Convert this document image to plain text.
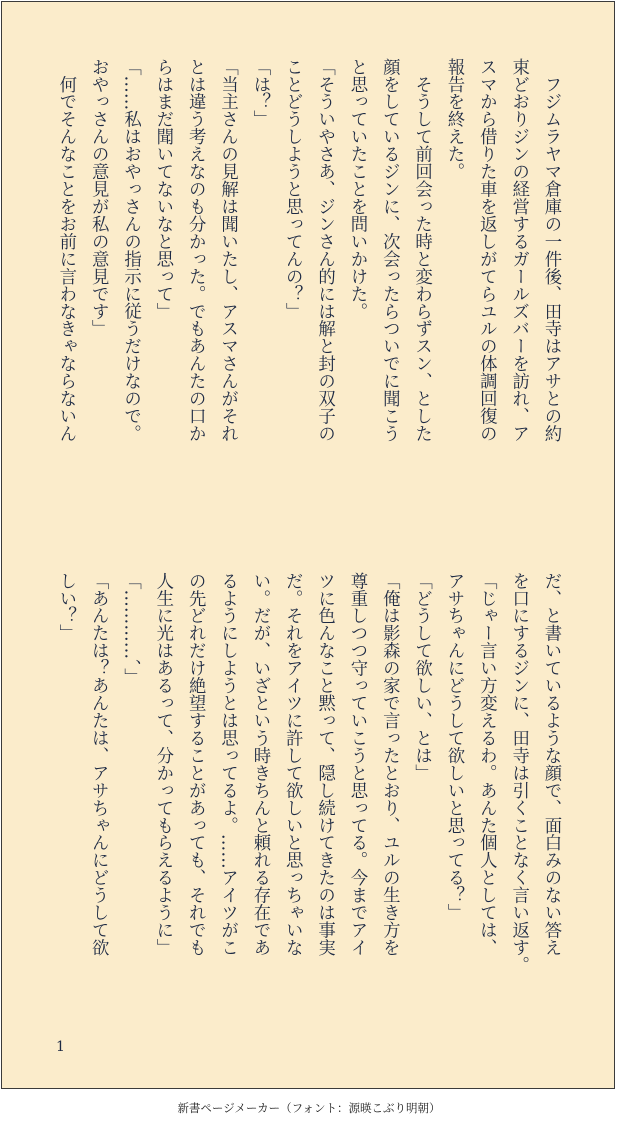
　フジムラヤマ倉庫の一件後、田寺はアサとの約
束どおりジンの経営するガールズバーを訪れ、ア
スマから借りた車を返しがてらユルの体調回復の
報告を終えた。
　そうして前回会った時と変わらずスン、とした
顔をしているジンに、次会ったらついでに聞こう
と思っていたことを問いかけた。
「そういやさあ、ジンさん的には解と封の双子の
ことどうしようと思ってんの？」
「は？」
「当主さんの見解は聞いたし、アスマさんがそれ
とは違う考えなのも分かった。でもあんたの口か
らはまだ聞いてないなと思って」
「……私はおやっさんの指示に従うだけなので。
おやっさんの意見が私の意見です」
　何でそんなことをお前に言わなきゃならないん
だ、と書いているような顔で、面白みのない答え
を口にするジンに、田寺は引くことなく言い返す。
「じゃー言い方変えるわ。あんた個人としては、
アサちゃんにどうして欲しいと思ってる？」
「どうして欲しい、とは」
「俺は影森の家で言ったとおり、ユルの生き方を
尊重しつつ守っていこうと思ってる。今までアイ
ツに色んなこと黙って、隠し続けてきたのは事実
だ。それをアイツに許して欲しいと思っちゃいな
い。だが、いざという時きちんと頼れる存在であ
るようにしようとは思ってるよ。……アイツがこ
の先どれだけ絶望することがあっても、それでも
人生に光はあるって、分かってもらえるように」
「…………、」
「あんたは？あんたは、アサちゃんにどうして欲
しい？」
1
新書ページメーカー（フォント：源暎こぶり明朝）
